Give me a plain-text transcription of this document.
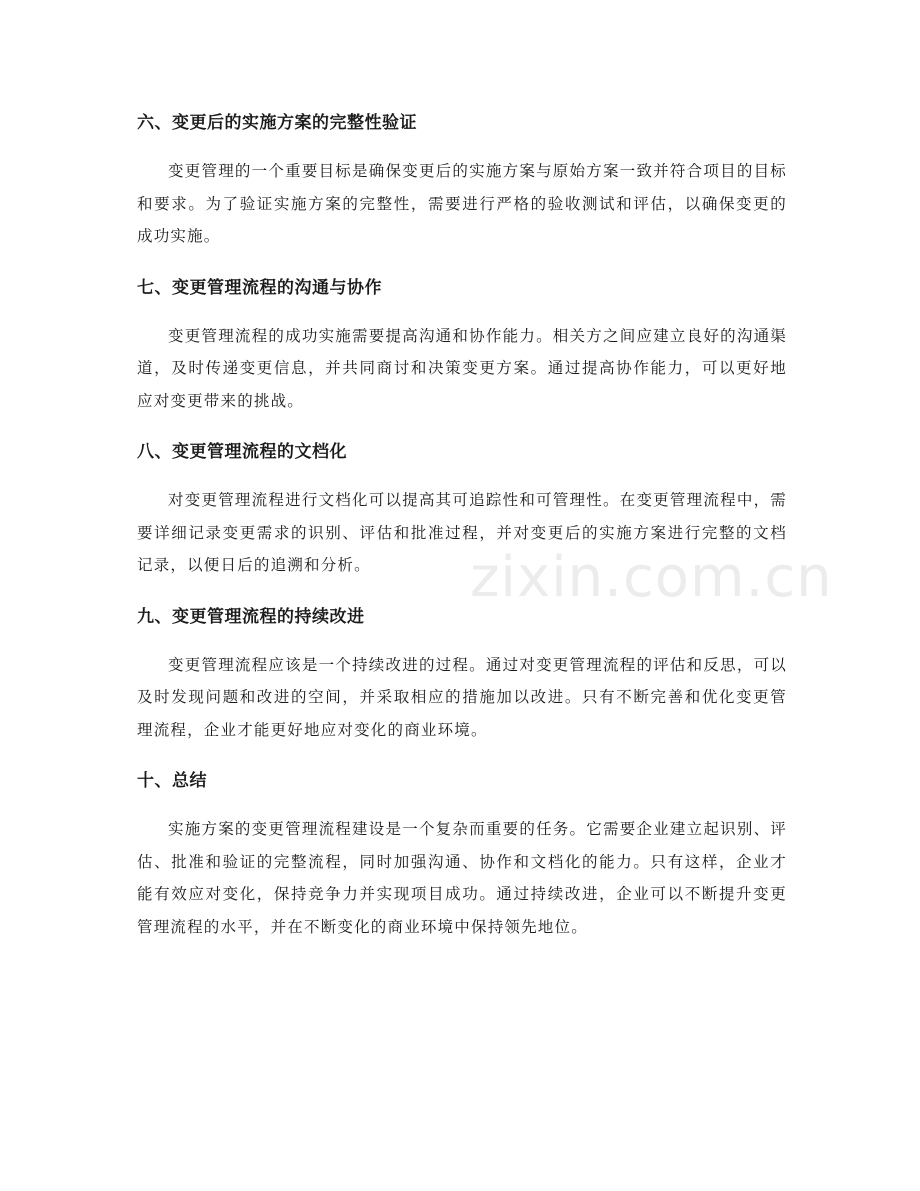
六、变更后的实施方案的完整性验证

变更管理的一个重要目标是确保变更后的实施方案与原始方案一致并符合项目的目标和要求。为了验证实施方案的完整性，需要进行严格的验收测试和评估，以确保变更的成功实施。

七、变更管理流程的沟通与协作

变更管理流程的成功实施需要提高沟通和协作能力。相关方之间应建立良好的沟通渠道，及时传递变更信息，并共同商讨和决策变更方案。通过提高协作能力，可以更好地应对变更带来的挑战。

八、变更管理流程的文档化

对变更管理流程进行文档化可以提高其可追踪性和可管理性。在变更管理流程中，需要详细记录变更需求的识别、评估和批准过程，并对变更后的实施方案进行完整的文档记录，以便日后的追溯和分析。

九、变更管理流程的持续改进

变更管理流程应该是一个持续改进的过程。通过对变更管理流程的评估和反思，可以及时发现问题和改进的空间，并采取相应的措施加以改进。只有不断完善和优化变更管理流程，企业才能更好地应对变化的商业环境。

十、总结

实施方案的变更管理流程建设是一个复杂而重要的任务。它需要企业建立起识别、评估、批准和验证的完整流程，同时加强沟通、协作和文档化的能力。只有这样，企业才能有效应对变化，保持竞争力并实现项目成功。通过持续改进，企业可以不断提升变更管理流程的水平，并在不断变化的商业环境中保持领先地位。

zixin.com.cn
